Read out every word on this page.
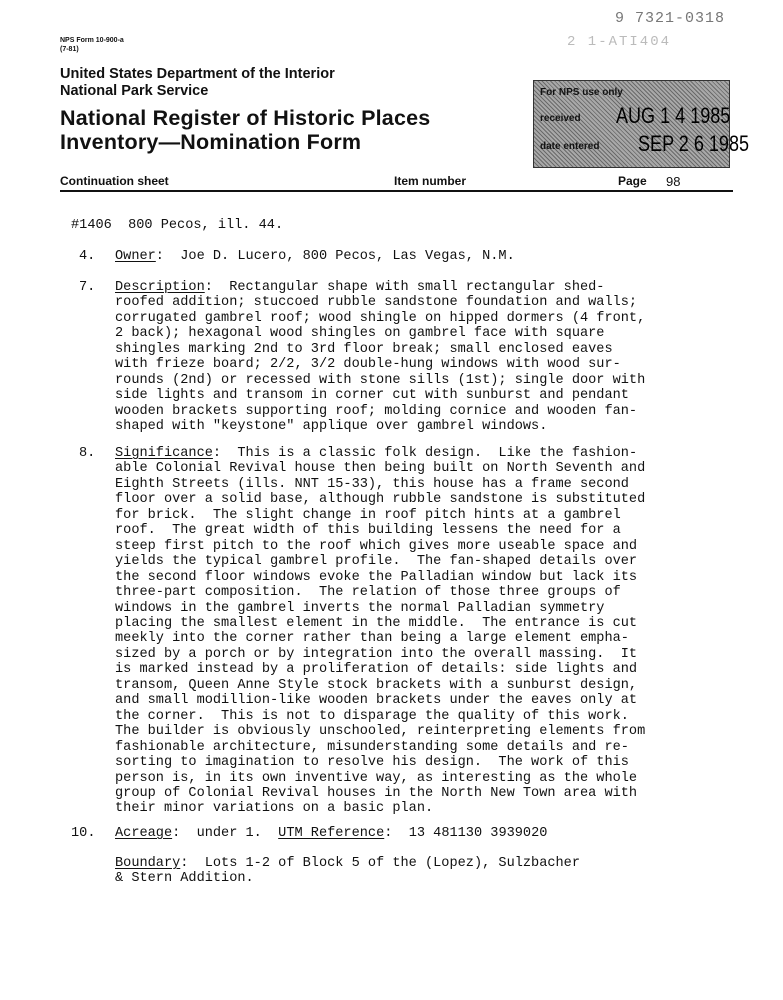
NPS Form 10-900-a
(7-81)
9 7321-0318
2 1-ATI404
United States Department of the Interior
National Park Service
National Register of Historic Places
Inventory—Nomination Form
For NPS use only
received AUG 1 4 1985
date entered SEP 2 6 1985
Continuation sheet	Item number	Page 98
#1406  800 Pecos, ill. 44.
4. Owner:  Joe D. Lucero, 800 Pecos, Las Vegas, N.M.
7. Description:  Rectangular shape with small rectangular shed-
roofed addition; stuccoed rubble sandstone foundation and walls;
corrugated gambrel roof; wood shingle on hipped dormers (4 front,
2 back); hexagonal wood shingles on gambrel face with square
shingles marking 2nd to 3rd floor break; small enclosed eaves
with frieze board; 2/2, 3/2 double-hung windows with wood sur-
rounds (2nd) or recessed with stone sills (1st); single door with
side lights and transom in corner cut with sunburst and pendant
wooden brackets supporting roof; molding cornice and wooden fan-
shaped with "keystone" applique over gambrel windows.
8. Significance:  This is a classic folk design.  Like the fashion-
able Colonial Revival house then being built on North Seventh and
Eighth Streets (ills. NNT 15-33), this house has a frame second
floor over a solid base, although rubble sandstone is substituted
for brick.  The slight change in roof pitch hints at a gambrel
roof.  The great width of this building lessens the need for a
steep first pitch to the roof which gives more useable space and
yields the typical gambrel profile.  The fan-shaped details over
the second floor windows evoke the Palladian window but lack its
three-part composition.  The relation of those three groups of
windows in the gambrel inverts the normal Palladian symmetry
placing the smallest element in the middle.  The entrance is cut
meekly into the corner rather than being a large element empha-
sized by a porch or by integration into the overall massing.  It
is marked instead by a proliferation of details: side lights and
transom, Queen Anne Style stock brackets with a sunburst design,
and small modillion-like wooden brackets under the eaves only at
the corner.  This is not to disparage the quality of this work.
The builder is obviously unschooled, reinterpreting elements from
fashionable architecture, misunderstanding some details and re-
sorting to imagination to resolve his design.  The work of this
person is, in its own inventive way, as interesting as the whole
group of Colonial Revival houses in the North New Town area with
their minor variations on a basic plan.
10. Acreage:  under 1.  UTM Reference:  13 481130 3939020
Boundary:  Lots 1-2 of Block 5 of the (Lopez), Sulzbacher
& Stern Addition.
